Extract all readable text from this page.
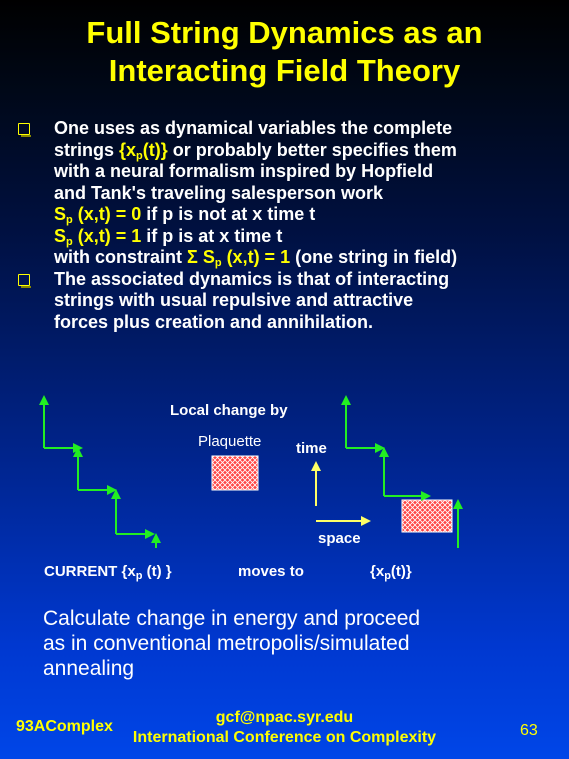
Full String Dynamics as an
Interacting Field Theory
One uses as dynamical variables the complete
strings $\{x_p(t)\}$ or probably better specifies them
with a neural formalism inspired by Hopfield
and Tank's traveling salesperson work
$S_p$ (x,t) = 0 if p is not at x time t
$S_p$ (x,t) = 1 if p is at x time t
with constraint Σ $S_p$ (x,t) = 1 (one string in field)
The associated dynamics is that of interacting
strings with usual repulsive and attractive
forces plus creation and annihilation.
Local change by
Plaquette time
space
CURRENT {$x_p$ (t) }	moves to	$\{x_p(t)\}$
Calculate change in energy and proceed
as in conventional metropolis/simulated
annealing
93AComplex
gcf@npac.syr.edu
International Conference on Complexity	63
